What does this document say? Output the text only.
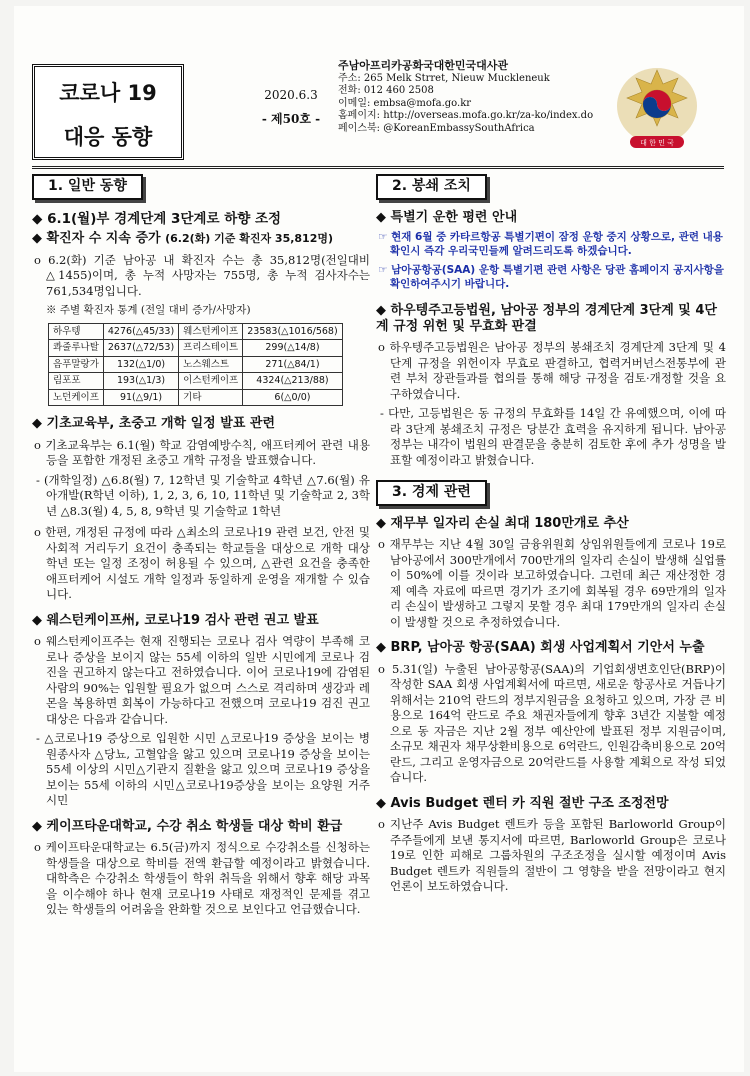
코로나 19
대응 동향
2020.6.3
- 제50호 -
주남아프리카공화국대한민국대사관
주소: 265 Melk Strret, Nieuw Muckleneuk
전화: 012 460 2508
이메일: embsa@mofa.go.kr
홈페이지: http://overseas.mofa.go.kr/za-ko/index.do
페이스북: @KoreanEmbassySouthAfrica
대 한 민 국
1. 일반 동향
◆ 6.1(월)부 경계단계 3단계로 하향 조정
◆ 확진자 수 지속 증가 (6.2(화) 기준 확진자 35,812명)
o 6.2(화) 기준 남아공 내 확진자 수는 총 35,812명(전일대비 △1455)이며, 총 누적 사망자는 755명, 총 누적 검사자수는 761,534명입니다.
※ 주별 확진자 통계 (전일 대비 증가/사망자)
하우텡	4276(△45/33)	웨스턴케이프	23583(△1016/568)
콰줄루나탈	2637(△72/53)	프리스테이트	299(△14/8)
음푸말랑가	132(△1/0)	노스웨스트	271(△84/1)
림포포	193(△1/3)	이스턴케이프	4324(△213/88)
노던케이프	91(△9/1)	기타	6(△0/0)
◆ 기초교육부, 초중고 개학 일정 발표 관련
o 기초교육부는 6.1(월) 학교 감염예방수칙, 애프터케어 관련 내용 등을 포함한 개정된 초중고 개학 규정을 발표했습니다.
- (개학일정) △6.8(월) 7, 12학년 및 기술학교 4학년 △7.6(월) 유아개발(R학년 이하), 1, 2, 3, 6, 10, 11학년 및 기술학교 2, 3학년 △8.3(월) 4, 5, 8, 9학년 및 기술학교 1학년
o 한편, 개정된 규정에 따라 △최소의 코로나19 관련 보건, 안전 및 사회적 거리두기 요건이 충족되는 학교들을 대상으로 개학 대상 학년 또는 일정 조정이 허용될 수 있으며, △관련 요건을 충족한 애프터케어 시설도 개학 일정과 동일하게 운영을 재개할 수 있습니다.
◆ 웨스턴케이프州, 코로나19 검사 관련 권고 발표
o 웨스턴케이프주는 현재 진행되는 코로나 검사 역량이 부족해 코로나 증상을 보이지 않는 55세 이하의 일반 시민에게 코로나 검진을 권고하지 않는다고 전하였습니다. 이어 코로나19에 감염된 사람의 90%는 입원할 필요가 없으며 스스로 격리하며 생강과 레몬을 복용하면 회복이 가능하다고 전했으며 코로나19 검진 권고 대상은 다음과 같습니다.
- △코로나19 증상으로 입원한 시민 △코로나19 증상을 보이는 병원종사자 △당뇨, 고혈압을 앓고 있으며 코로나19 증상을 보이는 55세 이상의 시민△기관지 질환을 앓고 있으며 코로나19 증상을 보이는 55세 이하의 시민△코로나19증상을 보이는 요양원 거주 시민
◆ 케이프타운대학교, 수강 취소 학생들 대상 학비 환급
o 케이프타운대학교는 6.5(금)까지 정식으로 수강취소를 신청하는 학생들을 대상으로 학비를 전액 환급할 예정이라고 밝혔습니다. 대학측은 수강취소 학생들이 학위 취득을 위해서 향후 해당 과목을 이수해야 하나 현재 코로나19 사태로 재정적인 문제를 겪고 있는 학생들의 어려움을 완화할 것으로 보인다고 언급했습니다.
2. 봉쇄 조치
◆ 특별기 운한 평련 안내
☞ 현재 6월 중 카타르항공 특별기편이 잠정 운항 중지 상황으로, 관련 내용 확인시 즉각 우리국민들께 알려드리도록 하겠습니다.
☞ 남아공항공(SAA) 운항 특별기편 관련 사항은 당관 홈페이지 공지사항을 확인하여주시기 바랍니다.
◆ 하우텡주고등법원, 남아공 정부의 경계단계 3단계 및 4단계 규정 위헌 및 무효화 판결
o 하우텡주고등법원은 남아공 정부의 봉쇄조치 경계단계 3단계 및 4단계 규정을 위헌이자 무효로 판결하고, 협력거버넌스전통부에 관련 부처 장관들과를 협의를 통해 해당 규정을 검토·개정할 것을 요구하였습니다.
- 다만, 고등법원은 동 규정의 무효화를 14일 간 유예했으며, 이에 따라 3단계 봉쇄조치 규정은 당분간 효력을 유지하게 됩니다. 남아공 정부는 내각이 법원의 판결문을 충분히 검토한 후에 추가 성명을 발표할 예정이라고 밝혔습니다.
3. 경제 관련
◆ 재무부 일자리 손실 최대 180만개로 추산
o 재무부는 지난 4월 30일 금융위원회 상임위원들에게 코로나 19로 남아공에서 300만개에서 700만개의 일자리 손실이 발생해 실업률이 50%에 이를 것이라 보고하였습니다. 그런데 최근 재산정한 경제 예측 자료에 따르면 경기가 조기에 회복될 경우 69만개의 일자리 손실이 발생하고 그렇지 못할 경우 최대 179만개의 일자리 손실이 발생할 것으로 추정하였습니다.
◆ BRP, 남아공 항공(SAA) 회생 사업계획서 기안서 누출
o 5.31(일) 누출된 남아공항공(SAA)의 기업회생변호인단(BRP)이 작성한 SAA 회생 사업계획서에 따르면, 새로운 항공사로 거듭나기 위해서는 210억 란드의 정부지원금을 요청하고 있으며, 가장 큰 비용으로 164억 란드로 주요 채권자들에게 향후 3년간 지불할 예정으로 동 자금은 지난 2월 정부 예산안에 발표된 정부 지원금이며, 소규모 채권자 채무상환비용으로 6억란드, 인원감축비용으로 20억란드, 그리고 운영자금으로 20억란드를 사용할 계획으로 작성 되었습니다.
◆ Avis Budget 렌터 카 직원 절반 구조 조정전망
o 지난주 Avis Budget 렌트카 등을 포함된 Barloworld Group이 주주들에게 보낸 통지서에 따르면, Barloworld Group은 코로나 19로 인한 피해로 그룹차원의 구조조정을 실시할 예정이며 Avis Budget 렌트카 직원들의 절반이 그 영향을 받을 전망이라고 현지 언론이 보도하였습니다.
